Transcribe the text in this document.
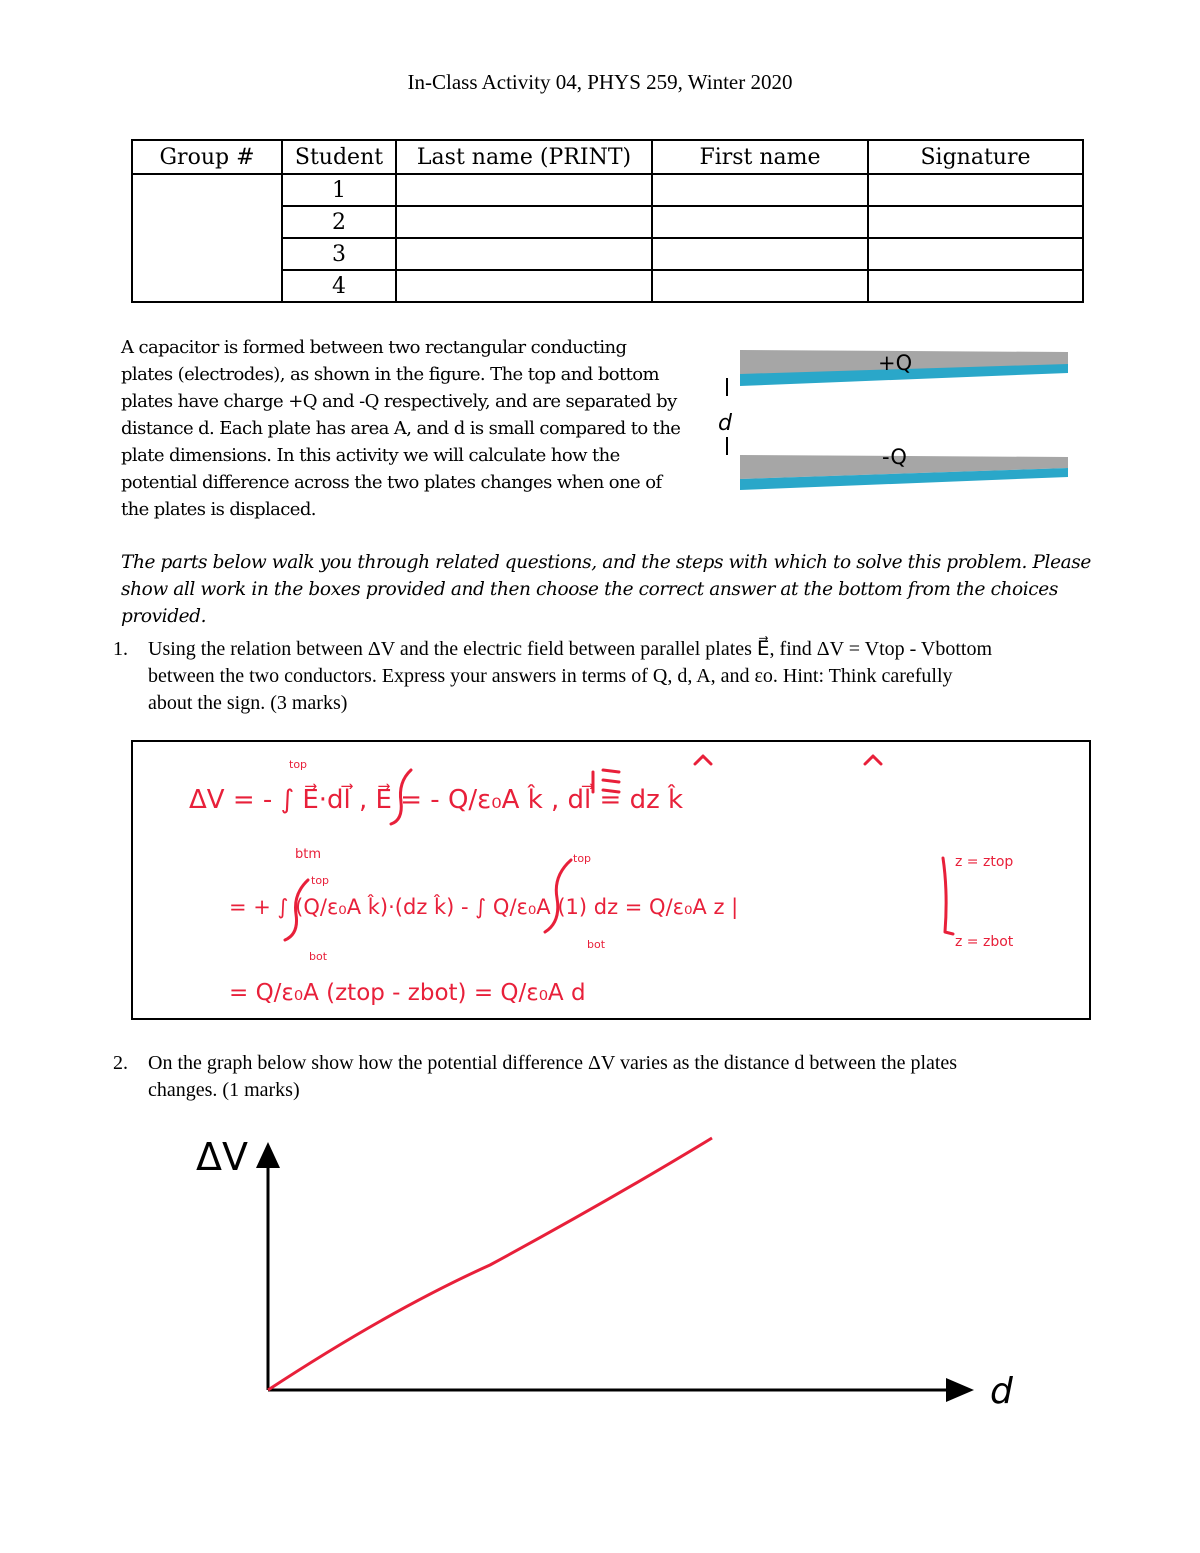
In-Class Activity 04, PHYS 259, Winter 2020
Group #	Student	Last name (PRINT)	First name	Signature
	1			
	2			
	3			
	4			
A capacitor is formed between two rectangular conducting plates (electrodes), as shown in the figure. The top and bottom plates have charge +Q and -Q respectively, and are separated by distance d. Each plate has area A, and d is small compared to the plate dimensions. In this activity we will calculate how the potential difference across the two plates changes when one of the plates is displaced.
+Q
-Q
d
The parts below walk you through related questions, and the steps with which to solve this problem. Please show all work in the boxes provided and then choose the correct answer at the bottom from the choices provided.
1. Using the relation between ΔV and the electric field between parallel plates E⃗, find ΔV = Vtop - Vbottom
between the two conductors. Express your answers in terms of Q, d, A, and εo. Hint: Think carefully
about the sign. (3 marks)
ΔV = - ∫ E⃗·dl⃗ , E⃗ = - Q/ε₀A k̂ , dl⃗ = dz k̂
= + ∫ (Q/ε₀A k̂)·(dz k̂) - ∫ Q/ε₀A (1) dz = Q/ε₀A z |
= Q/ε₀A (ztop - zbot) = Q/ε₀A d
top
btm
top
bot
top
bot
z = ztop
z = zbot
2. On the graph below show how the potential difference ΔV varies as the distance d between the plates
changes. (1 marks)
ΔV
d
